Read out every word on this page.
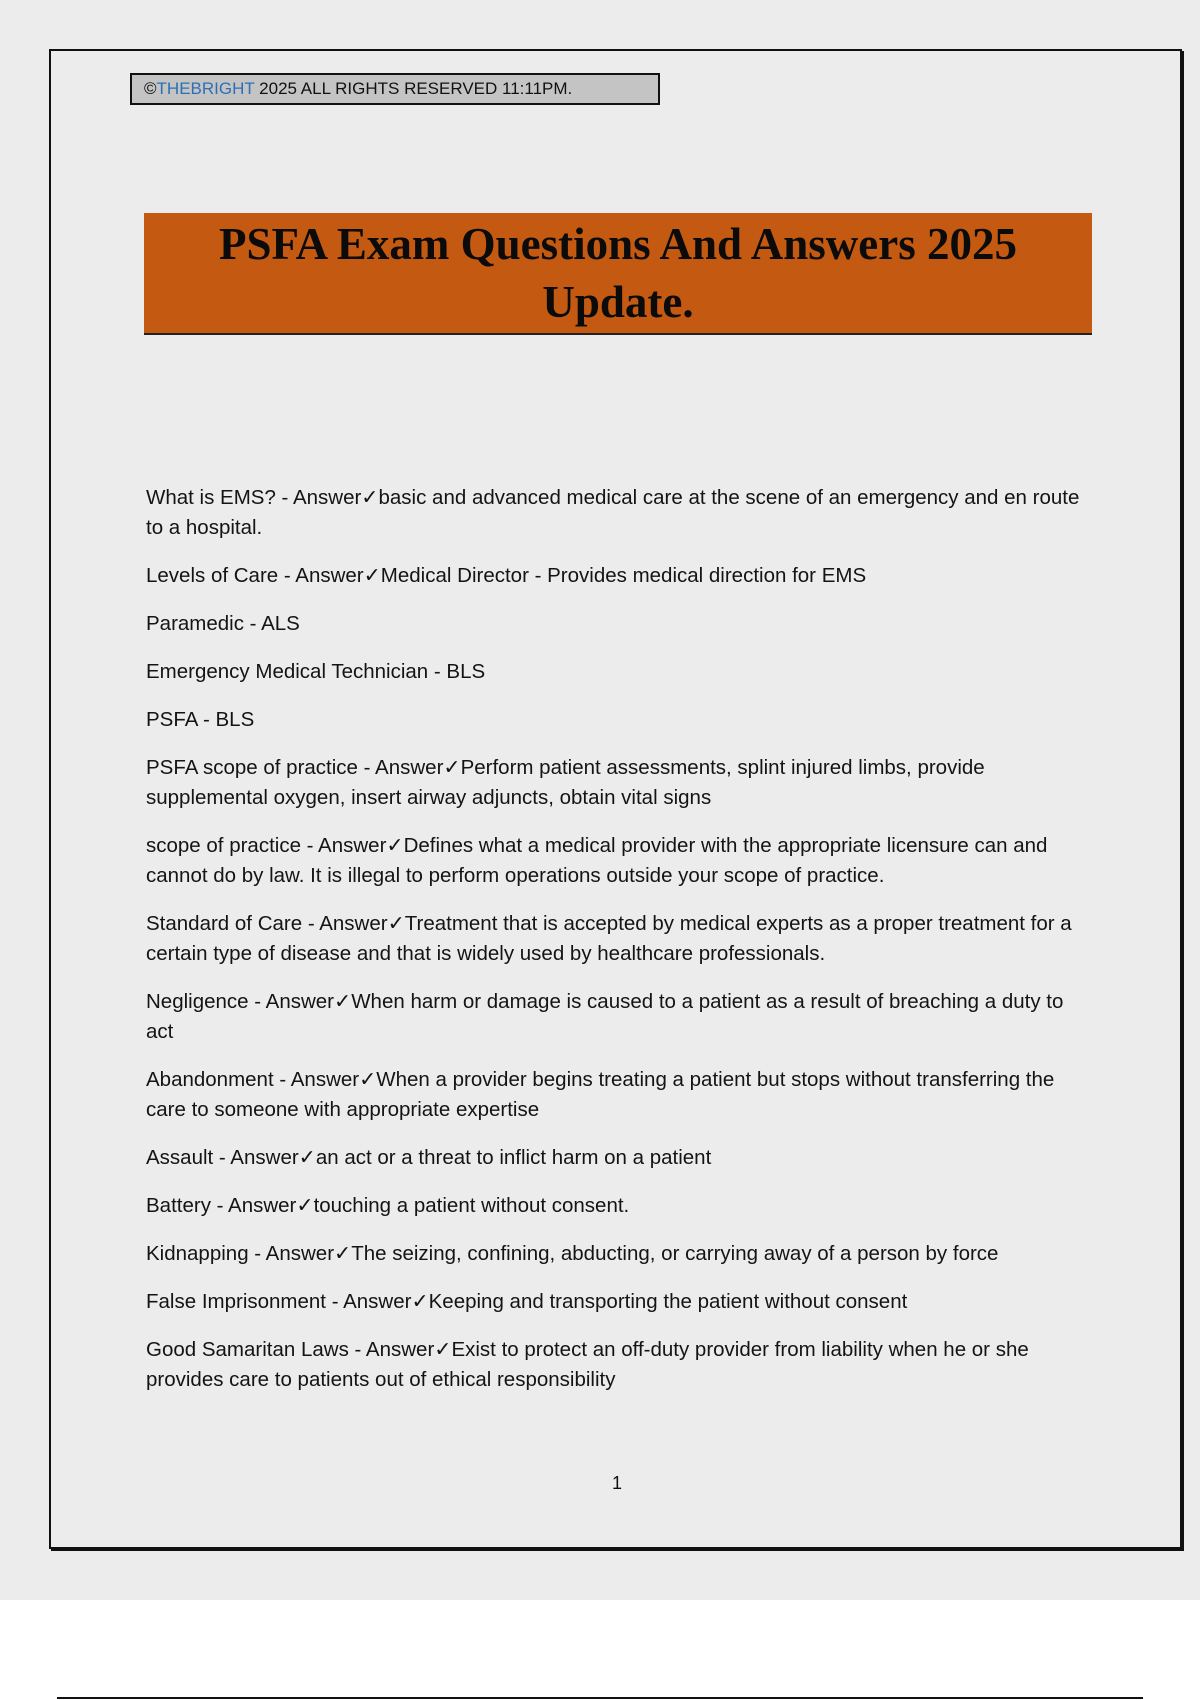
©THEBRIGHT 2025 ALL RIGHTS RESERVED 11:11PM.
PSFA Exam Questions And Answers 2025
Update.
What is EMS? - Answer✓basic and advanced medical care at the scene of an emergency and en route to a hospital.
Levels of Care - Answer✓Medical Director - Provides medical direction for EMS
Paramedic - ALS
Emergency Medical Technician - BLS
PSFA - BLS
PSFA scope of practice - Answer✓Perform patient assessments, splint injured limbs, provide supplemental oxygen, insert airway adjuncts, obtain vital signs
scope of practice - Answer✓Defines what a medical provider with the appropriate licensure can and cannot do by law. It is illegal to perform operations outside your scope of practice.
Standard of Care - Answer✓Treatment that is accepted by medical experts as a proper treatment for a certain type of disease and that is widely used by healthcare professionals.
Negligence - Answer✓When harm or damage is caused to a patient as a result of breaching a duty to act
Abandonment - Answer✓When a provider begins treating a patient but stops without transferring the care to someone with appropriate expertise
Assault - Answer✓an act or a threat to inflict harm on a patient
Battery - Answer✓touching a patient without consent.
Kidnapping - Answer✓The seizing, confining, abducting, or carrying away of a person by force
False Imprisonment - Answer✓Keeping and transporting the patient without consent
Good Samaritan Laws - Answer✓Exist to protect an off-duty provider from liability when he or she provides care to patients out of ethical responsibility
1
